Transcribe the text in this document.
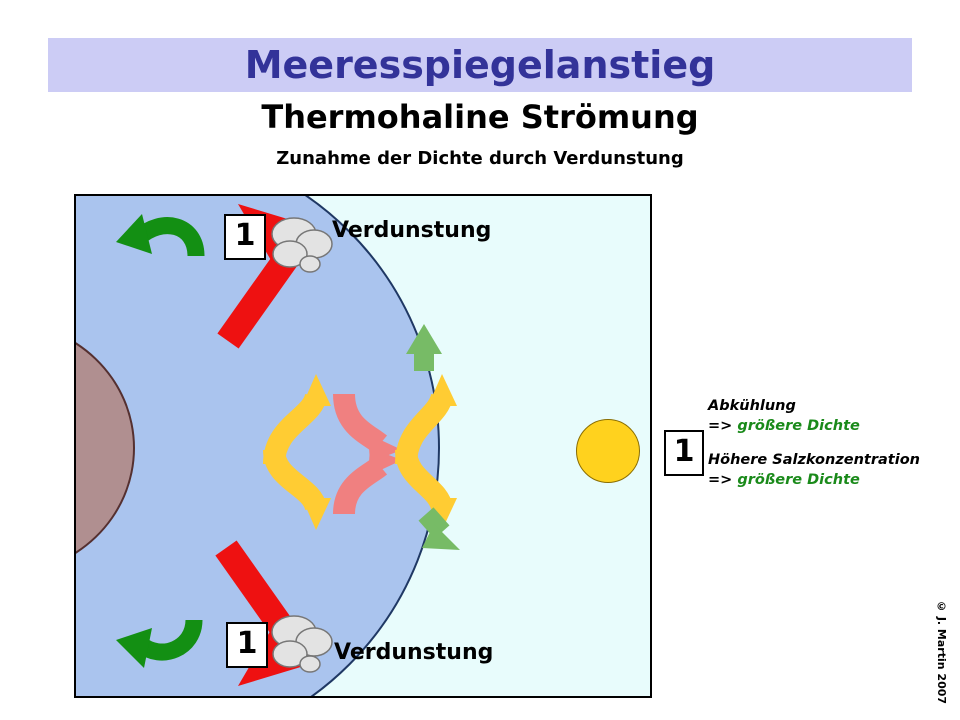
Meeresspiegelanstieg
Thermohaline Strömung
Zunahme der Dichte durch Verdunstung
1
1
Verdunstung
Verdunstung
1
Abkühlung
=> größere Dichte
Höhere Salzkonzentration
=> größere Dichte
© J. Martin 2007
